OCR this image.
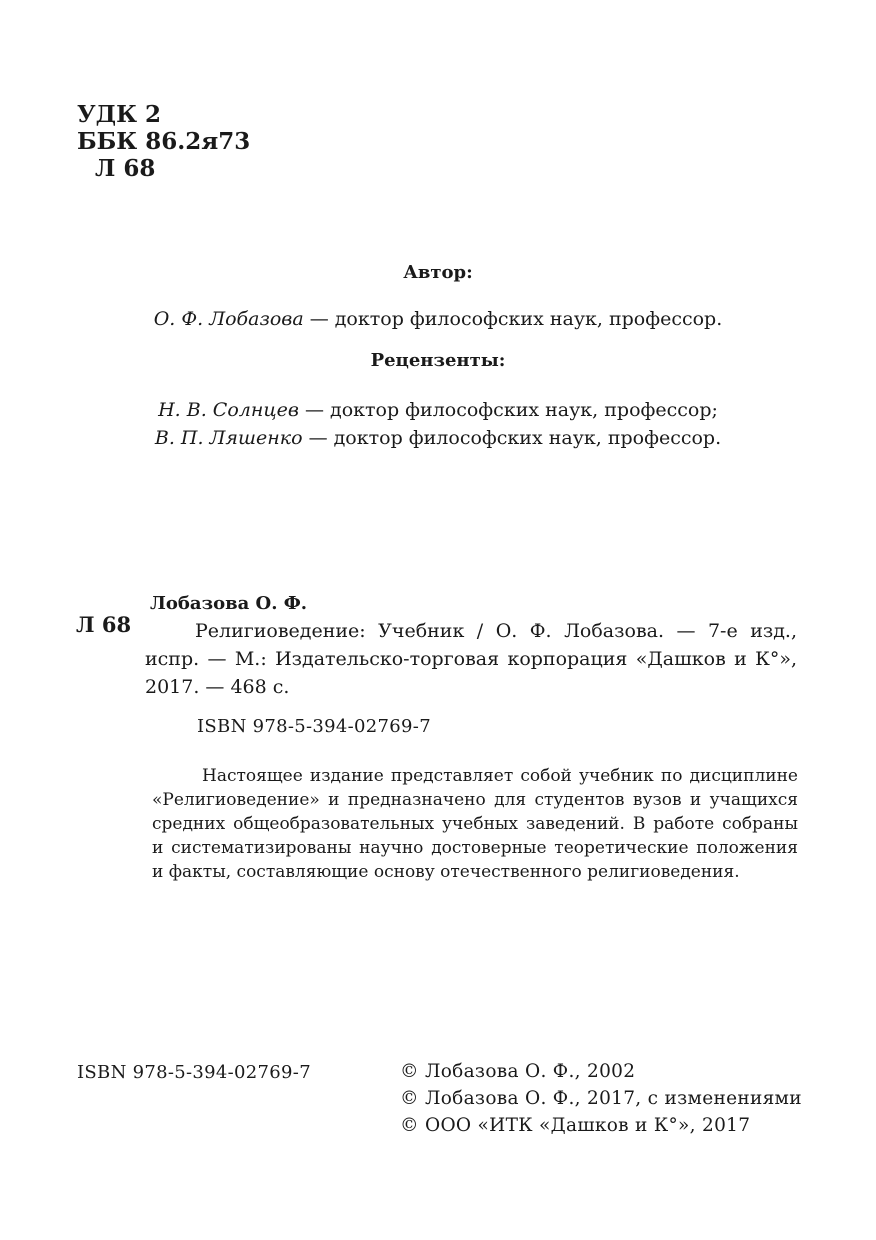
УДК 2
ББК 86.2я73
Л 68
Автор:
О. Ф. Лобазова — доктор философских наук, профессор.
Рецензенты:
Н. В. Солнцев — доктор философских наук, профессор;
В. П. Ляшенко — доктор философских наук, профессор.
Л 68
Лобазова О. Ф.
Религиоведение: Учебник / О. Ф. Лобазова. — 7-е изд.,
испр. — М.: Издательско-торговая корпорация «Дашков и К°»,
2017. — 468 с.
ISBN 978-5-394-02769-7
Настоящее издание представляет собой учебник по дисциплине
«Религиоведение» и предназначено для студентов вузов и учащихся
средних общеобразовательных учебных заведений. В работе собраны
и систематизированы научно достоверные теоретические положения
и факты, составляющие основу отечественного религиоведения.
ISBN 978-5-394-02769-7	© Лобазова О. Ф., 2002
© Лобазова О. Ф., 2017, с изменениями
© ООО «ИТК «Дашков и К°», 2017
